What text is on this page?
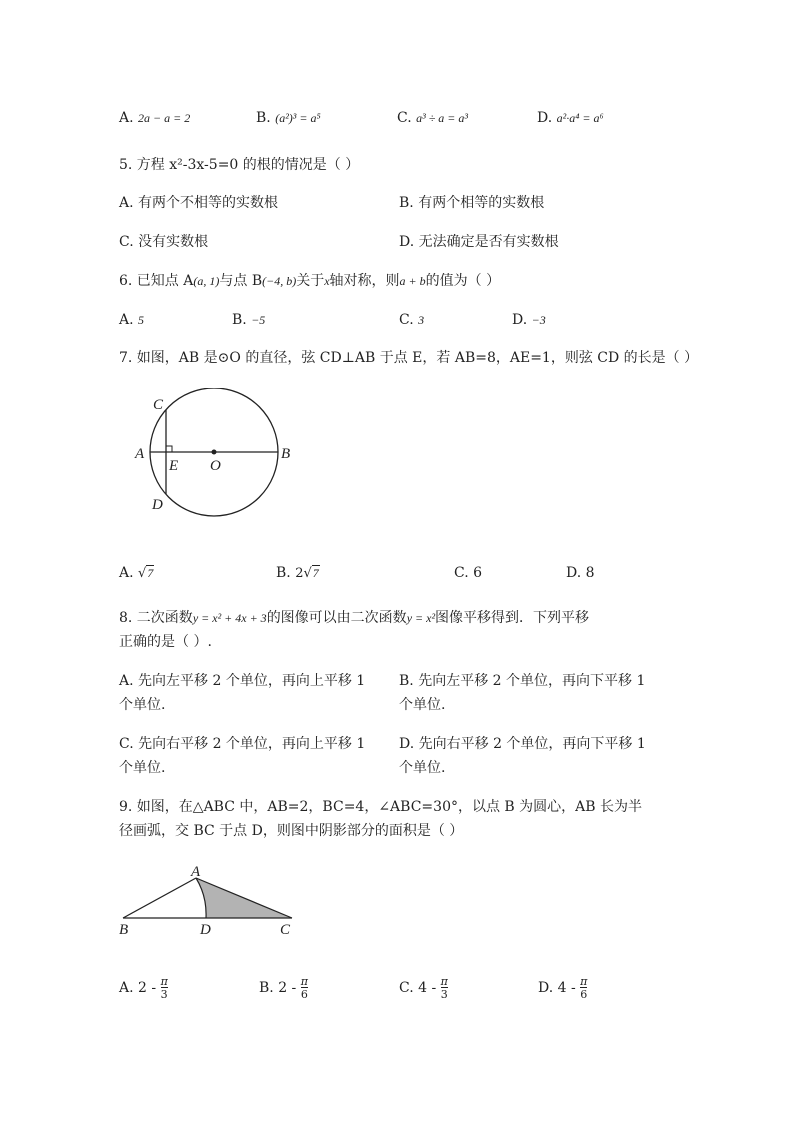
A. 2a − a = 2	B. (a²)³ = a⁵	C. a³ ÷ a = a³	D. a²·a⁴ = a⁶
5. 方程 x²-3x-5=0 的根的情况是（ ）
A. 有两个不相等的实数根	B. 有两个相等的实数根
C. 没有实数根	D. 无法确定是否有实数根
6. 已知点 A(a, 1)与点 B(−4, b)关于x轴对称，则a + b的值为（ ）
A. 5	B. −5	C. 3	D. −3
7. 如图，AB 是⊙O 的直径，弦 CD⊥AB 于点 E，若 AB=8，AE=1，则弦 CD 的长是（ ）
C
A
E O
B
D
A. √7	B. 2√7	C. 6	D. 8
8. 二次函数y = x² + 4x + 3的图像可以由二次函数y = x²图像平移得到．下列平移
正确的是（ ）.
A. 先向左平移 2 个单位，再向上平移 1
个单位.
B. 先向左平移 2 个单位，再向下平移 1
个单位.
C. 先向右平移 2 个单位，再向上平移 1
个单位.
D. 先向右平移 2 个单位，再向下平移 1
个单位.
9. 如图，在△ABC 中，AB=2，BC=4，∠ABC=30°，以点 B 为圆心，AB 长为半
径画弧，交 BC 于点 D，则图中阴影部分的面积是（ ）
A
B	D	C
A. $2 - \frac{\pi}{3}$	B. $2 - \frac{\pi}{6}$	C. $4 - \frac{\pi}{3}$	D. $4 - \frac{\pi}{6}$
